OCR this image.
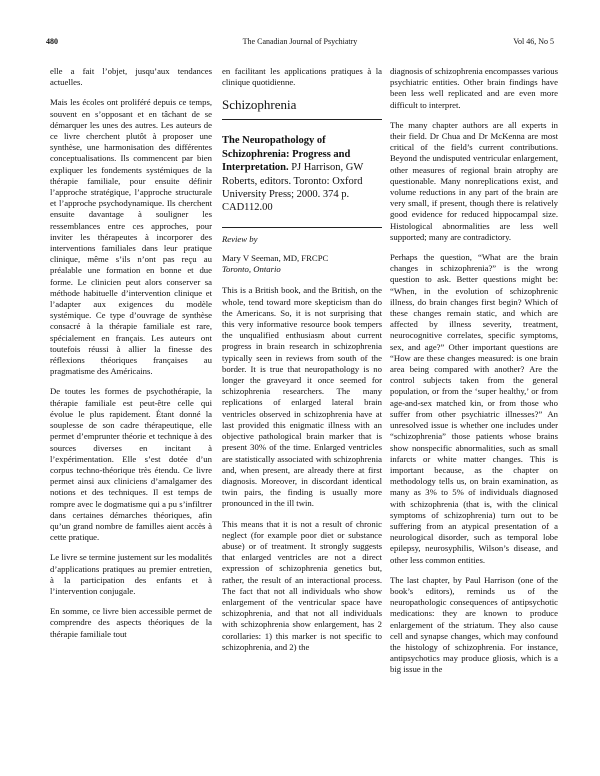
480	The Canadian Journal of Psychiatry	Vol 46, No 5

elle a fait l’objet, jusqu’aux tendances actuelles.

Mais les écoles ont proliféré depuis ce temps, souvent en s’opposant et en tâchant de se démarquer les unes des autres. Les auteurs de ce livre cherchent plutôt à proposer une synthèse, une harmonisation des différentes conceptualisations. Ils commencent par bien expliquer les fondements systémiques de la thérapie familiale, pour ensuite définir l’approche stratégique, l’approche structurale et l’approche psychodynamique. Ils cherchent ensuite davantage à souligner les ressemblances entre ces approches, pour inviter les thérapeutes à incorporer des interventions familiales dans leur pratique clinique, même s’ils n’ont pas reçu au préalable une formation en bonne et due forme. Le clinicien peut alors conserver sa méthode habituelle d’intervention clinique et l’adapter aux exigences du modèle systémique. Ce type d’ouvrage de synthèse consacré à la thérapie familiale est rare, spécialement en français. Les auteurs ont toutefois réussi à allier la finesse des réflexions théoriques françaises au pragmatisme des Américains.

De toutes les formes de psychothérapie, la thérapie familiale est peut-être celle qui évolue le plus rapidement. Étant donné la souplesse de son cadre thérapeutique, elle permet d’emprunter théorie et technique à des sources diverses en incitant à l’expérimentation. Elle s’est dotée d’un corpus techno-théorique très étendu. Ce livre permet ainsi aux cliniciens d’amalgamer des notions et des techniques. Il est temps de rompre avec le dogmatisme qui a pu s’infiltrer dans certaines démarches théoriques, afin qu’un grand nombre de familles aient accès à cette pratique.

Le livre se termine justement sur les modalités d’applications pratiques au premier entretien, à la participation des enfants et à l’intervention conjugale.

En somme, ce livre bien accessible permet de comprendre des aspects théoriques de la thérapie familiale tout

en facilitant les applications pratiques à la clinique quotidienne.

Schizophrenia
The Neuropathology of Schizophrenia: Progress and Interpretation. PJ Harrison, GW Roberts, editors. Toronto: Oxford University Press; 2000. 374 p. CAD112.00
Review by
Mary V Seeman, MD, FRCPC
Toronto, Ontario

This is a British book, and the British, on the whole, tend toward more skepticism than do the Americans. So, it is not surprising that this very informative resource book tempers the unqualified enthusiasm about current progress in brain research in schizophrenia typically seen in reviews from south of the border. It is true that neuropathology is no longer the graveyard it once seemed for schizophrenia researchers. The many replications of enlarged lateral brain ventricles observed in schizophrenia have at last provided this enigmatic illness with an objective pathological brain marker that is present 30% of the time. Enlarged ventricles are statistically associated with schizophrenia and, when present, are already there at first diagnosis. Moreover, in discordant identical twin pairs, the finding is usually more pronounced in the ill twin.

This means that it is not a result of chronic neglect (for example poor diet or substance abuse) or of treatment. It strongly suggests that enlarged ventricles are not a direct expression of schizophrenia genetics but, rather, the result of an interactional process. The fact that not all individuals who show enlargement of the ventricular space have schizophrenia, and that not all individuals with schizophrenia show enlargement, has 2 corollaries: 1) this marker is not specific to schizophrenia, and 2) the

diagnosis of schizophrenia encompasses various psychiatric entities. Other brain findings have been less well replicated and are even more difficult to interpret.

The many chapter authors are all experts in their field. Dr Chua and Dr McKenna are most critical of the field’s current contributions. Beyond the undisputed ventricular enlargement, other measures of regional brain atrophy are questionable. Many nonreplications exist, and volume reductions in any part of the brain are very small, if present, though there is relatively good evidence for reduced hippocampal size. Histological abnormalities are less well supported; many are contradictory.

Perhaps the question, “What are the brain changes in schizophrenia?” is the wrong question to ask. Better questions might be: “When, in the evolution of schizophrenic illness, do brain changes first begin? Which of these changes remain static, and which are affected by illness severity, treatment, neurocognitive correlates, specific symptoms, sex, and age?” Other important questions are “How are these changes measured: is one brain area being compared with another? Are the control subjects taken from the general population, or from the ‘super healthy,’ or from age-and-sex matched kin, or from those who suffer from other psychiatric illnesses?” An unresolved issue is whether one includes under “schizophrenia” those patients whose brains show nonspecific abnormalities, such as small infarcts or white matter changes. This is important because, as the chapter on methodology tells us, on brain examination, as many as 3% to 5% of individuals diagnosed with schizophrenia (that is, with the clinical symptoms of schizophrenia) turn out to be suffering from an atypical presentation of a neurological disorder, such as temporal lobe epilepsy, neurosyphilis, Wilson’s disease, and other less common entities.

The last chapter, by Paul Harrison (one of the book’s editors), reminds us of the neuropathologic consequences of antipsychotic medications: they are known to produce enlargement of the striatum. They also cause cell and synapse changes, which may confound the histology of schizophrenia. For instance, antipsychotics may produce gliosis, which is a big issue in the
